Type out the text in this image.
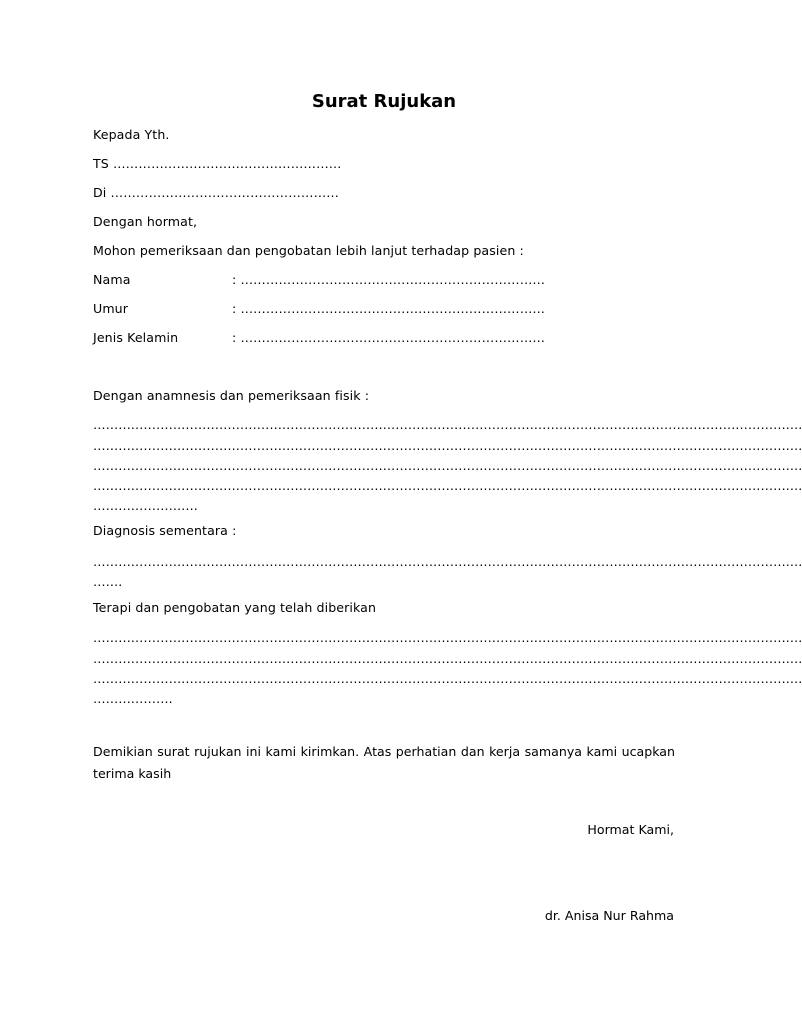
Surat Rujukan
Kepada Yth.
TS ………………………………………………
Di ………………………………………………
Dengan hormat,
Mohon pemeriksaan dan pengobatan lebih lanjut terhadap pasien :
Nama	: ………………………………………………………………
Umur	: ………………………………………………………………
Jenis Kelamin	: ………………………………………………………………
Dengan anamnesis dan pemeriksaan fisik :
…………………………………………………………………………………………………………………………………………………….
…………………………………………………………………………………………………………………………………………………….
…………………………………………………………………………………………………………………………………………………….
…………………………………………………………………………………………………………………………………………………….
…………………….
Diagnosis sementara :
…………………………………………………………………………………………………………………………………………………….
…….
Terapi dan pengobatan yang telah diberikan
…………………………………………………………………………………………………………………………………………………….
…………………………………………………………………………………………………………………………………………………….
…………………………………………………………………………………………………………………………………………………….
……………….
Demikian surat rujukan ini kami kirimkan. Atas perhatian dan kerja samanya kami ucapkan terima kasih
Hormat Kami,
dr. Anisa Nur Rahma
